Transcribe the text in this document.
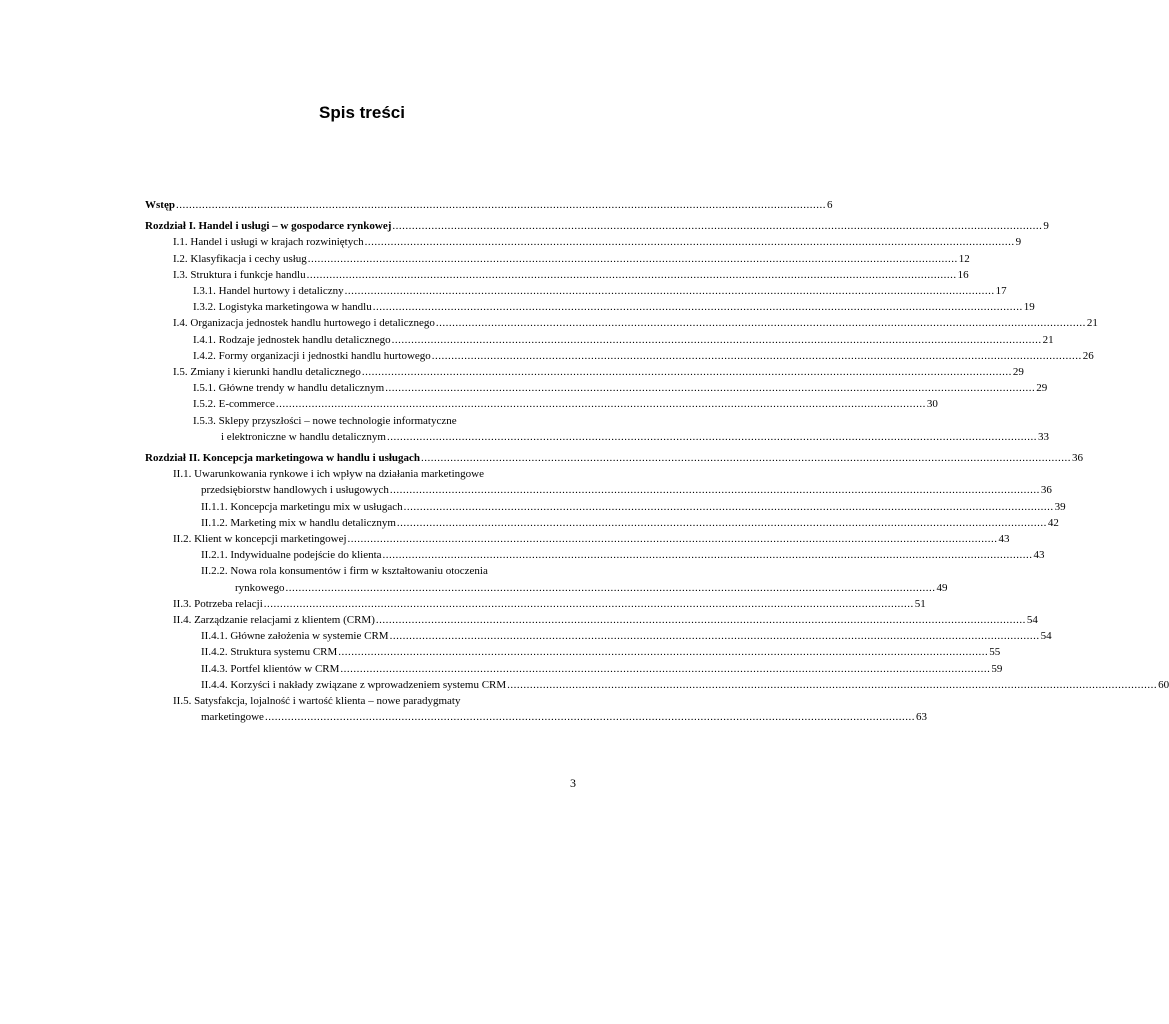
Spis treści
Wstęp ........................................................................................................................................................................................................ 6
Rozdział I. Handel i usługi – w gospodarce rynkowej ........................................................................................................................................................................................................ 9
I.1. Handel i usługi w krajach rozwiniętych ........................................................................................................................................................................................................ 9
I.2. Klasyfikacja i cechy usług ........................................................................................................................................................................................................ 12
I.3. Struktura i funkcje handlu ........................................................................................................................................................................................................ 16
I.3.1. Handel hurtowy i detaliczny ........................................................................................................................................................................................................ 17
I.3.2. Logistyka marketingowa w handlu ........................................................................................................................................................................................................ 19
I.4. Organizacja jednostek handlu hurtowego i detalicznego ........................................................................................................................................................................................................ 21
I.4.1. Rodzaje jednostek handlu detalicznego ........................................................................................................................................................................................................ 21
I.4.2. Formy organizacji i jednostki handlu hurtowego ........................................................................................................................................................................................................ 26
I.5. Zmiany i kierunki handlu detalicznego ........................................................................................................................................................................................................ 29
I.5.1. Główne trendy w handlu detalicznym ........................................................................................................................................................................................................ 29
I.5.2. E-commerce ........................................................................................................................................................................................................ 30
I.5.3. Sklepy przyszłości – nowe technologie informatyczne
i elektroniczne w handlu detalicznym ........................................................................................................................................................................................................ 33
Rozdział II. Koncepcja marketingowa w handlu i usługach ........................................................................................................................................................................................................ 36
II.1. Uwarunkowania rynkowe i ich wpływ na działania marketingowe
przedsiębiorstw handlowych i usługowych ........................................................................................................................................................................................................ 36
II.1.1. Koncepcja marketingu mix w usługach ........................................................................................................................................................................................................ 39
II.1.2. Marketing mix w handlu detalicznym ........................................................................................................................................................................................................ 42
II.2. Klient w koncepcji marketingowej ........................................................................................................................................................................................................ 43
II.2.1. Indywidualne podejście do klienta ........................................................................................................................................................................................................ 43
II.2.2. Nowa rola konsumentów i firm w kształtowaniu otoczenia
rynkowego ........................................................................................................................................................................................................ 49
II.3. Potrzeba relacji ........................................................................................................................................................................................................ 51
II.4. Zarządzanie relacjami z klientem (CRM) ........................................................................................................................................................................................................ 54
II.4.1. Główne założenia w systemie CRM ........................................................................................................................................................................................................ 54
II.4.2. Struktura systemu CRM ........................................................................................................................................................................................................ 55
II.4.3. Portfel klientów w CRM ........................................................................................................................................................................................................ 59
II.4.4. Korzyści i nakłady związane z wprowadzeniem systemu CRM ........................................................................................................................................................................................................ 60
II.5. Satysfakcja, lojalność i wartość klienta – nowe paradygmaty
marketingowe ........................................................................................................................................................................................................ 63
3
